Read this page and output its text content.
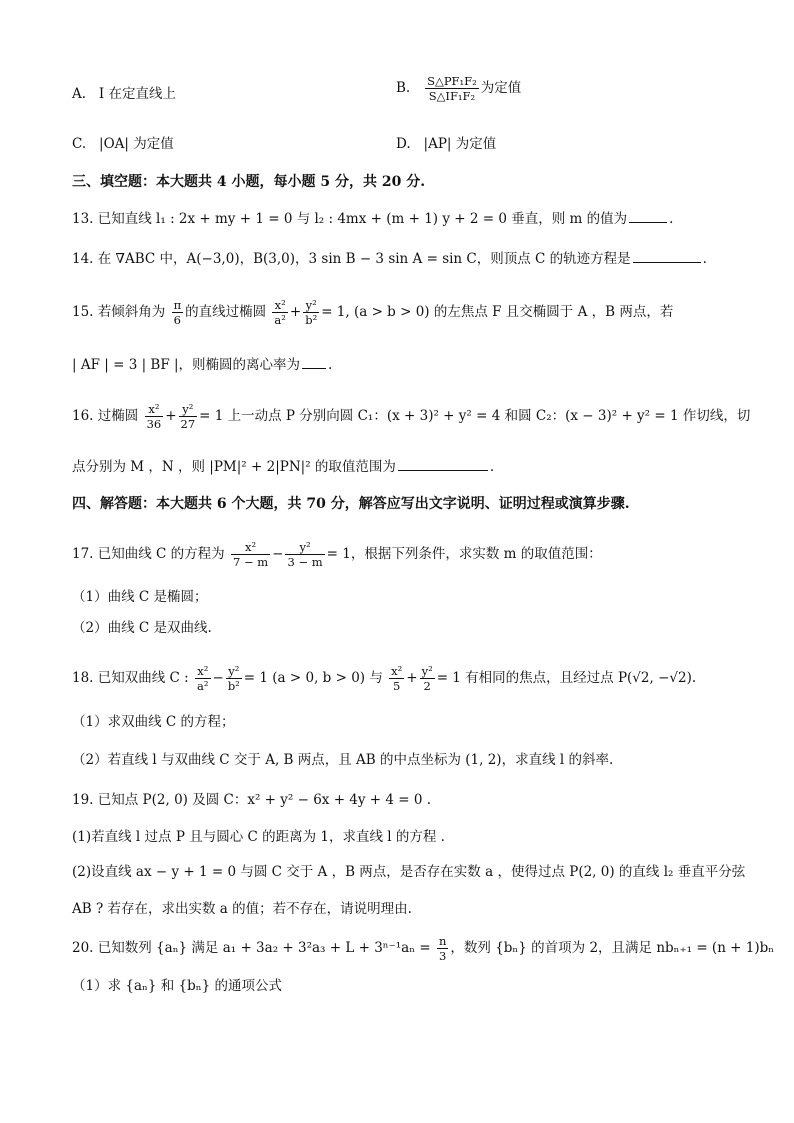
A. I 在定直线上	B. $\frac{\text{S△PF₁F₂}}{\text{S△IF₁F₂}}$ 为定值
C. |OA| 为定值	D. |AP| 为定值
三、填空题：本大题共 4 小题，每小题 5 分，共 20 分.
13. 已知直线 l₁ : 2x + my + 1 = 0 与 l₂ : 4mx + (m + 1) y + 2 = 0 垂直，则 m 的值为	.
14. 在 ∇ABC 中，A(−3,0)，B(3,0)，3 sin B − 3 sin A = sin C，则顶点 C 的轨迹方程是	.
15. 若倾斜角为 $\frac{\pi}{6}$ 的直线过椭圆 $\frac{\text{x²}}{\text{a²}} + \frac{\text{y²}}{\text{b²}} = 1$, (a > b > 0) 的左焦点 F 且交椭圆于 A ，B 两点，若
| AF | = 3 | BF |，则椭圆的离心率为 .
16. 过椭圆 $\frac{\text{x²}}{36} + \frac{\text{y²}}{27} = 1$ 上一动点 P 分别向圆 C₁：(x + 3)² + y² = 4 和圆 C₂：(x − 3)² + y² = 1 作切线，切
点分别为 M ，N ，则 |PM|² + 2|PN|² 的取值范围为	.
四、解答题：本大题共 6 个大题，共 70 分，解答应写出文字说明、证明过程或演算步骤.
17. 已知曲线 C 的方程为 $\frac{\text{x²}}{7 - m} - \frac{\text{y²}}{3 - m} = 1$，根据下列条件，求实数 m 的取值范围：
（1）曲线 C 是椭圆；
（2）曲线 C 是双曲线.
18. 已知双曲线 C : $\frac{\text{x²}}{\text{a²}} - \frac{\text{y²}}{\text{b²}} = 1$ (a > 0, b > 0) 与 $\frac{\text{x²}}{5} + \frac{\text{y²}}{2} = 1$ 有相同的焦点，且经过点 P(√2, −√2).
（1）求双曲线 C 的方程；
（2）若直线 l 与双曲线 C 交于 A, B 两点，且 AB 的中点坐标为 (1, 2)，求直线 l 的斜率.
19. 已知点 P(2, 0) 及圆 C：x² + y² − 6x + 4y + 4 = 0 .
(1)若直线 l 过点 P 且与圆心 C 的距离为 1，求直线 l 的方程 .
(2)设直线 ax − y + 1 = 0 与圆 C 交于 A ，B 两点，是否存在实数 a ，使得过点 P(2, 0) 的直线 l₂ 垂直平分弦
AB ? 若存在，求出实数 a 的值；若不存在，请说明理由.
20. 已知数列 {aₙ} 满足 $a_1 + 3a_2 + 3^2a_3 + L + 3^{n-1}a_n = \frac{n}{3}$ ，数列 {bₙ} 的首项为 2，且满足 nbₙ₊₁ = (n + 1)bₙ
（1）求 {aₙ} 和 {bₙ} 的通项公式
